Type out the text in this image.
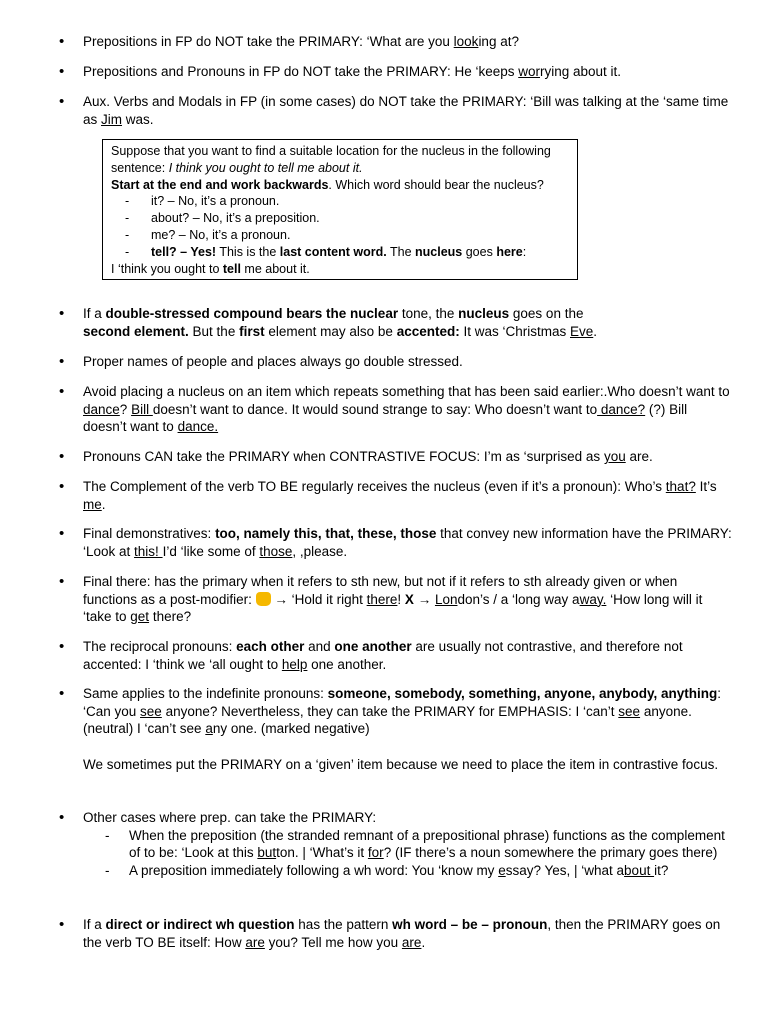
• Prepositions in FP do NOT take the PRIMARY: ‘What are you looking at?
• Prepositions and Pronouns in FP do NOT take the PRIMARY: He ‘keeps worrying about it.
• Aux. Verbs and Modals in FP (in some cases) do NOT take the PRIMARY: ‘Bill was talking at the ‘same time as Jim was.
Suppose that you want to find a suitable location for the nucleus in the following
sentence: I think you ought to tell me about it.
Start at the end and work backwards. Which word should bear the nucleus?
- it? – No, it’s a pronoun.
- about? – No, it’s a preposition.
- me? – No, it’s a pronoun.
- tell? – Yes! This is the last content word. The nucleus goes here:
I ‘think you ought to tell me about it.
• If a double-stressed compound bears the nuclear tone, the nucleus goes on the
second element. But the first element may also be accented: It was ‘Christmas Eve.
• Proper names of people and places always go double stressed.
• Avoid placing a nucleus on an item which repeats something that has been said earlier:.Who doesn’t want to dance? Bill doesn’t want to dance. It would sound strange to say: Who doesn’t want to dance? (?) Bill doesn’t want to dance.
• Pronouns CAN take the PRIMARY when CONTRASTIVE FOCUS: I’m as ‘surprised as you are.
• The Complement of the verb TO BE regularly receives the nucleus (even if it’s a pronoun): Who’s that? It’s me.
• Final demonstratives: too, namely this, that, these, those that convey new information have the PRIMARY: ‘Look at this! I’d ‘like some of those, ,please.
• Final there: has the primary when it refers to sth new, but not if it refers to sth already given or when functions as a post-modifier:  → ‘Hold it right there! X → London’s / a ‘long way away. ‘How long will it ‘take to get there?
• The reciprocal pronouns: each other and one another are usually not contrastive, and therefore not accented: I ‘think we ‘all ought to help one another.
• Same applies to the indefinite pronouns: someone, somebody, something, anyone, anybody, anything: ‘Can you see anyone? Nevertheless, they can take the PRIMARY for EMPHASIS: I ‘can’t see anyone. (neutral) I ‘can’t see any one. (marked negative)
We sometimes put the PRIMARY on a ‘given’ item because we need to place the item in contrastive focus.
• Other cases where prep. can take the PRIMARY:
- When the preposition (the stranded remnant of a prepositional phrase) functions as the complement of to be: ‘Look at this button. | ‘What’s it for? (IF there’s a noun somewhere the primary goes there)
- A preposition immediately following a wh word: You ‘know my essay? Yes, | ‘what about it?
• If a direct or indirect wh question has the pattern wh word – be – pronoun, then the PRIMARY goes on the verb TO BE itself: How are you? Tell me how you are.
